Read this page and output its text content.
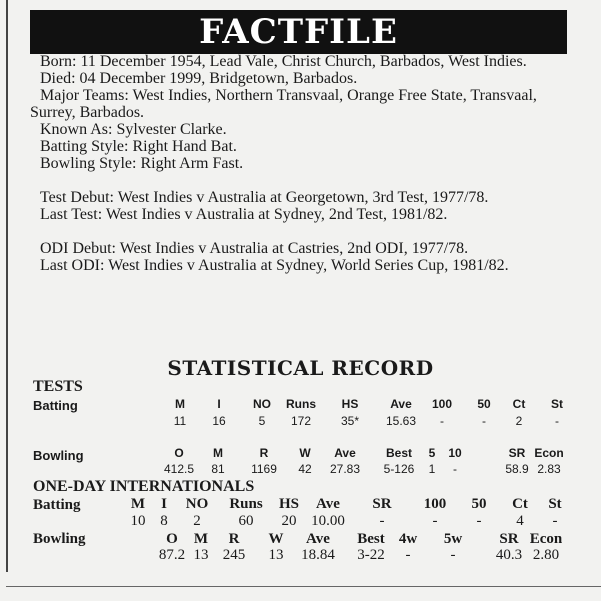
FACTFILE

Born: 11 December 1954, Lead Vale, Christ Church, Barbados, West Indies.

Died: 04 December 1999, Bridgetown, Barbados.

Major Teams: West Indies, Northern Transvaal, Orange Free State, Transvaal, Surrey, Barbados.

Known As: Sylvester Clarke.

Batting Style: Right Hand Bat.

Bowling Style: Right Arm Fast.

Test Debut: West Indies v Australia at Georgetown, 3rd Test, 1977/78.

Last Test: West Indies v Australia at Sydney, 2nd Test, 1981/82.

ODI Debut: West Indies v Australia at Castries, 2nd ODI, 1977/78.

Last ODI: West Indies v Australia at Sydney, World Series Cup, 1981/82.

STATISTICAL RECORD
TESTS
Batting	M	I	NO	Runs	HS	Ave	100	50	Ct	St
11	16	5	172	35*	15.63	-	-	2	-
Bowling	O	M	R	W	Ave	Best	5	10	SR Econ
412.5	81	1169	42	27.83	5-126	1	-	58.9 2.83
ONE-DAY INTERNATIONALS
Batting	M	I	NO	Runs	HS	Ave	SR	100	50	Ct	St
10 8	2	60	20 10.00	-	-	-	4	-
Bowling	O	M	R	W	Ave	Best 4w	5w	SR Econ
87.2 13 245	13	18.84	3-22	-	-	40.3 2.80
